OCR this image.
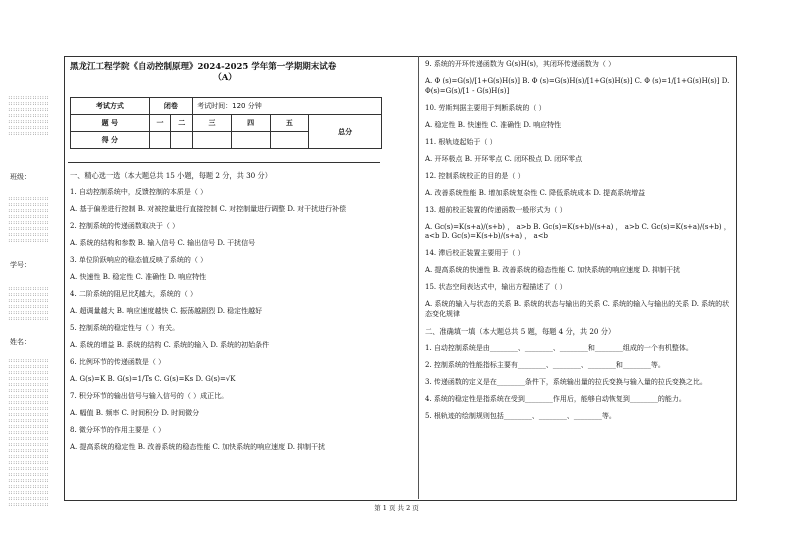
:::::::::::::::::
:::::::::::::::::
:::::::::::::::::
:::::::::::::::::
:::::::::::::::::
:::::::::::::::::
:::::::::::::::::
班级：
:::::::::::::::::
:::::::::::::::::
:::::::::::::::::
:::::::::::::::::
:::::::::::::::::
:::::::::::::::::
:::::::::::::::::
:::::::::::::::::
学号：
:::::::::::::::::
:::::::::::::::::
:::::::::::::::::
:::::::::::::::::
:::::::::::::::::
:::::::::::::::::
姓名：
:::::::::::::::::
:::::::::::::::::
:::::::::::::::::
:::::::::::::::::
:::::::::::::::::
:::::::::::::::::
:::::::::::::::::
:::::::::::::::::
:::::::::::::::::
:::::::::::::::::
:::::::::::::::::
:::::::::::::::::
:::::::::::::::::
:::::::::::::::::
:::::::::::::::::
:::::::::::::::::
:::::::::::::::::
:::::::::::::::::
:::::::::::::::::
:::::::::::::::::
:::::::::::::::::
:::::::::::::::::
:::::::::::::::::
:::::::::::::::::
:::::::::::::::::
黑龙江工程学院《自动控制原理》2024-2025 学年第一学期期末试卷
（A）
考试方式	闭卷		考试时间：120 分钟			
题 号	一	二	三	四	五	总分
得 分						

一、精心选一选（本大题总共 15 小题，每题 2 分，共 30 分）

1. 自动控制系统中，反馈控制的本质是（ ）

A. 基于偏差进行控制 B. 对被控量进行直接控制 C. 对控制量进行调整 D. 对干扰进行补偿

2. 控制系统的传递函数取决于（ ）

A. 系统的结构和参数 B. 输入信号 C. 输出信号 D. 干扰信号

3. 单位阶跃响应的稳态值反映了系统的（ ）

A. 快速性 B. 稳定性 C. 准确性 D. 响应特性

4. 二阶系统的阻尼比ξ越大，系统的（ ）

A. 超调量越大 B. 响应速度越快 C. 振荡越剧烈 D. 稳定性越好

5. 控制系统的稳定性与（ ）有关。

A. 系统的增益 B. 系统的结构 C. 系统的输入 D. 系统的初始条件

6. 比例环节的传递函数是（ ）

A. G(s)=K B. G(s)=1/Ts C. G(s)=Ks D. G(s)=√K

7. 积分环节的输出信号与输入信号的（ ）成正比。

A. 幅值 B. 频率 C. 时间积分 D. 时间微分

8. 微分环节的作用主要是（ ）

A. 提高系统的稳定性 B. 改善系统的稳态性能 C. 加快系统的响应速度 D. 抑制干扰

9. 系统的开环传递函数为 G(s)H(s)，其闭环传递函数为（ ）

A. Φ (s)=G(s)/[1+G(s)H(s)] B. Φ (s)=G(s)H(s)/[1+G(s)H(s)] C. Φ (s)=1/[1+G(s)H(s)] D. Φ(s)=G(s)/[1 - G(s)H(s)]

10. 劳斯判据主要用于判断系统的（ ）

A. 稳定性 B. 快速性 C. 准确性 D. 响应特性

11. 根轨迹起始于（ ）

A. 开环极点 B. 开环零点 C. 闭环极点 D. 闭环零点

12. 控制系统校正的目的是（ ）

A. 改善系统性能 B. 增加系统复杂性 C. 降低系统成本 D. 提高系统增益

13. 超前校正装置的传递函数一般形式为（ ）

A. Gc(s)=K(s+a)/(s+b) ， a>b B. Gc(s)=K(s+b)/(s+a) ， a>b C. Gc(s)=K(s+a)/(s+b) ， a<b D. Gc(s)=K(s+b)/(s+a) ， a<b

14. 滞后校正装置主要用于（ ）

A. 提高系统的快速性 B. 改善系统的稳态性能 C. 加快系统的响应速度 D. 抑制干扰

15. 状态空间表达式中，输出方程描述了（ ）

A. 系统的输入与状态的关系 B. 系统的状态与输出的关系 C. 系统的输入与输出的关系 D. 系统的状态变化规律

二、准确填一填（本大题总共 5 题，每题 4 分，共 20 分）

1. 自动控制系统是由________、________、________和________组成的一个有机整体。

2. 控制系统的性能指标主要有________、________、________和________等。

3. 传递函数的定义是在________条件下，系统输出量的拉氏变换与输入量的拉氏变换之比。

4. 系统的稳定性是指系统在受到________作用后，能够自动恢复到________的能力。

5. 根轨迹的绘制规则包括________、________、________等。

第 1 页 共 2 页
